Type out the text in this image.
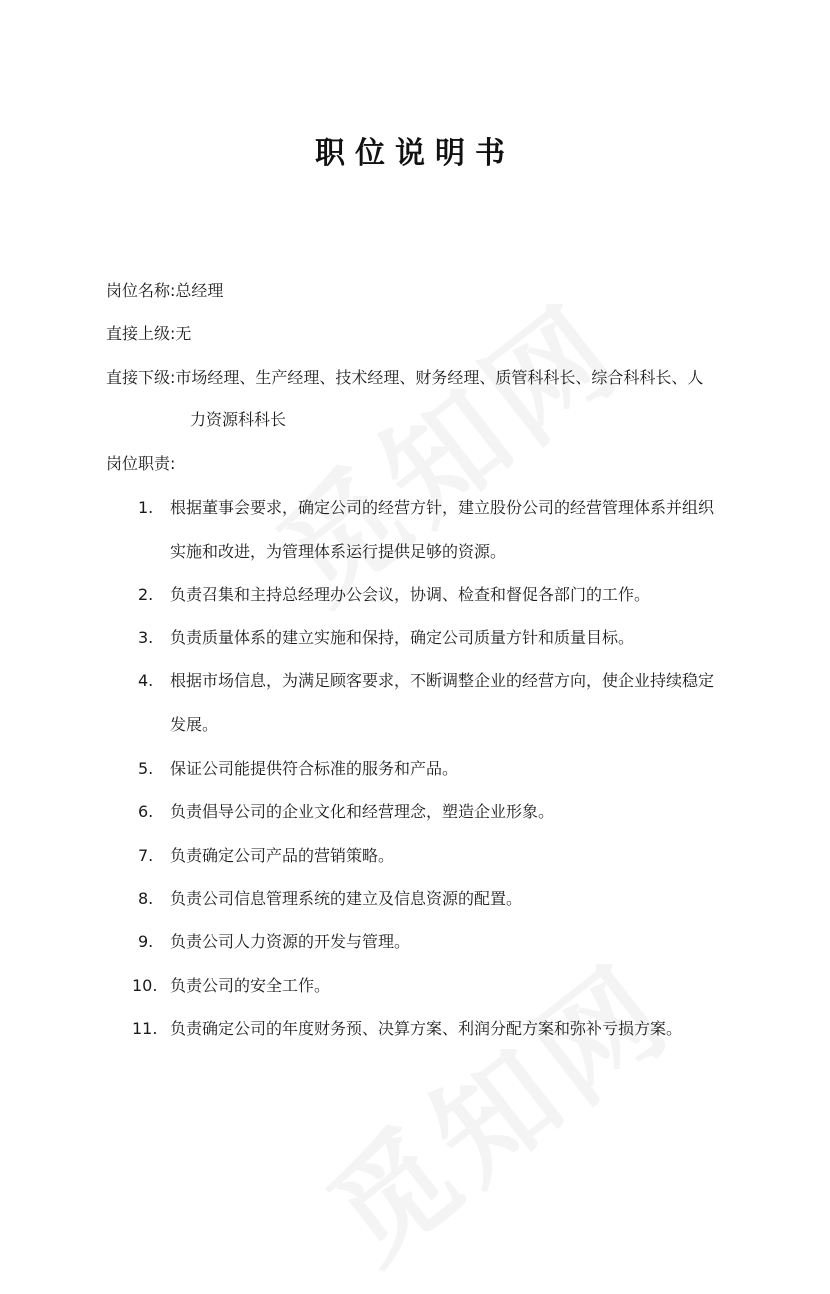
职位说明书
岗位名称:总经理
直接上级:无
直接下级:市场经理、生产经理、技术经理、财务经理、质管科科长、综合科科长、人
力资源科科长
岗位职责:
1. 根据董事会要求，确定公司的经营方针，建立股份公司的经营管理体系并组织
实施和改进，为管理体系运行提供足够的资源。
2. 负责召集和主持总经理办公会议，协调、检查和督促各部门的工作。
3. 负责质量体系的建立实施和保持，确定公司质量方针和质量目标。
4. 根据市场信息，为满足顾客要求，不断调整企业的经营方向，使企业持续稳定
发展。
5. 保证公司能提供符合标准的服务和产品。
6. 负责倡导公司的企业文化和经营理念，塑造企业形象。
7. 负责确定公司产品的营销策略。
8. 负责公司信息管理系统的建立及信息资源的配置。
9. 负责公司人力资源的开发与管理。
10. 负责公司的安全工作。
11. 负责确定公司的年度财务预、决算方案、利润分配方案和弥补亏损方案。
